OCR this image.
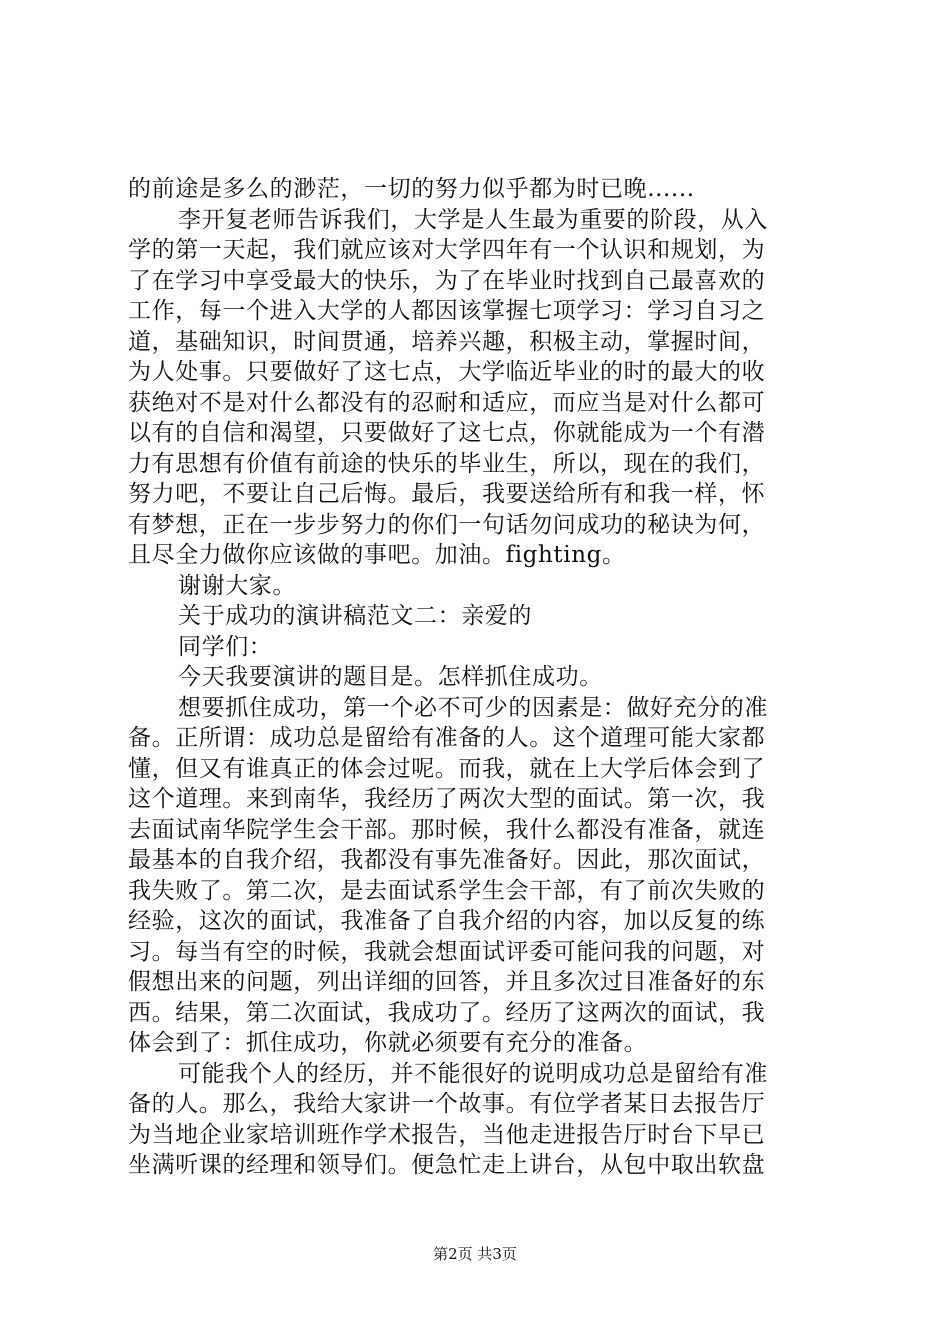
的前途是多么的渺茫，一切的努力似乎都为时已晚......
李开复老师告诉我们，大学是人生最为重要的阶段，从入
学的第一天起，我们就应该对大学四年有一个认识和规划，为
了在学习中享受最大的快乐，为了在毕业时找到自己最喜欢的
工作，每一个进入大学的人都因该掌握七项学习：学习自习之
道，基础知识，时间贯通，培养兴趣，积极主动，掌握时间，
为人处事。只要做好了这七点，大学临近毕业的时的最大的收
获绝对不是对什么都没有的忍耐和适应，而应当是对什么都可
以有的自信和渴望，只要做好了这七点，你就能成为一个有潜
力有思想有价值有前途的快乐的毕业生，所以，现在的我们，
努力吧，不要让自己后悔。最后，我要送给所有和我一样，怀
有梦想，正在一步步努力的你们一句话勿问成功的秘诀为何，
且尽全力做你应该做的事吧。加油。fighting。
谢谢大家。
关于成功的演讲稿范文二：亲爱的
同学们：
今天我要演讲的题目是。怎样抓住成功。
想要抓住成功，第一个必不可少的因素是：做好充分的准
备。正所谓：成功总是留给有准备的人。这个道理可能大家都
懂，但又有谁真正的体会过呢。而我，就在上大学后体会到了
这个道理。来到南华，我经历了两次大型的面试。第一次，我
去面试南华院学生会干部。那时候，我什么都没有准备，就连
最基本的自我介绍，我都没有事先准备好。因此，那次面试，
我失败了。第二次，是去面试系学生会干部，有了前次失败的
经验，这次的面试，我准备了自我介绍的内容，加以反复的练
习。每当有空的时候，我就会想面试评委可能问我的问题，对
假想出来的问题，列出详细的回答，并且多次过目准备好的东
西。结果，第二次面试，我成功了。经历了这两次的面试，我
体会到了：抓住成功，你就必须要有充分的准备。
可能我个人的经历，并不能很好的说明成功总是留给有准
备的人。那么，我给大家讲一个故事。有位学者某日去报告厅
为当地企业家培训班作学术报告，当他走进报告厅时台下早已
坐满听课的经理和领导们。便急忙走上讲台，从包中取出软盘
第2页 共3页
